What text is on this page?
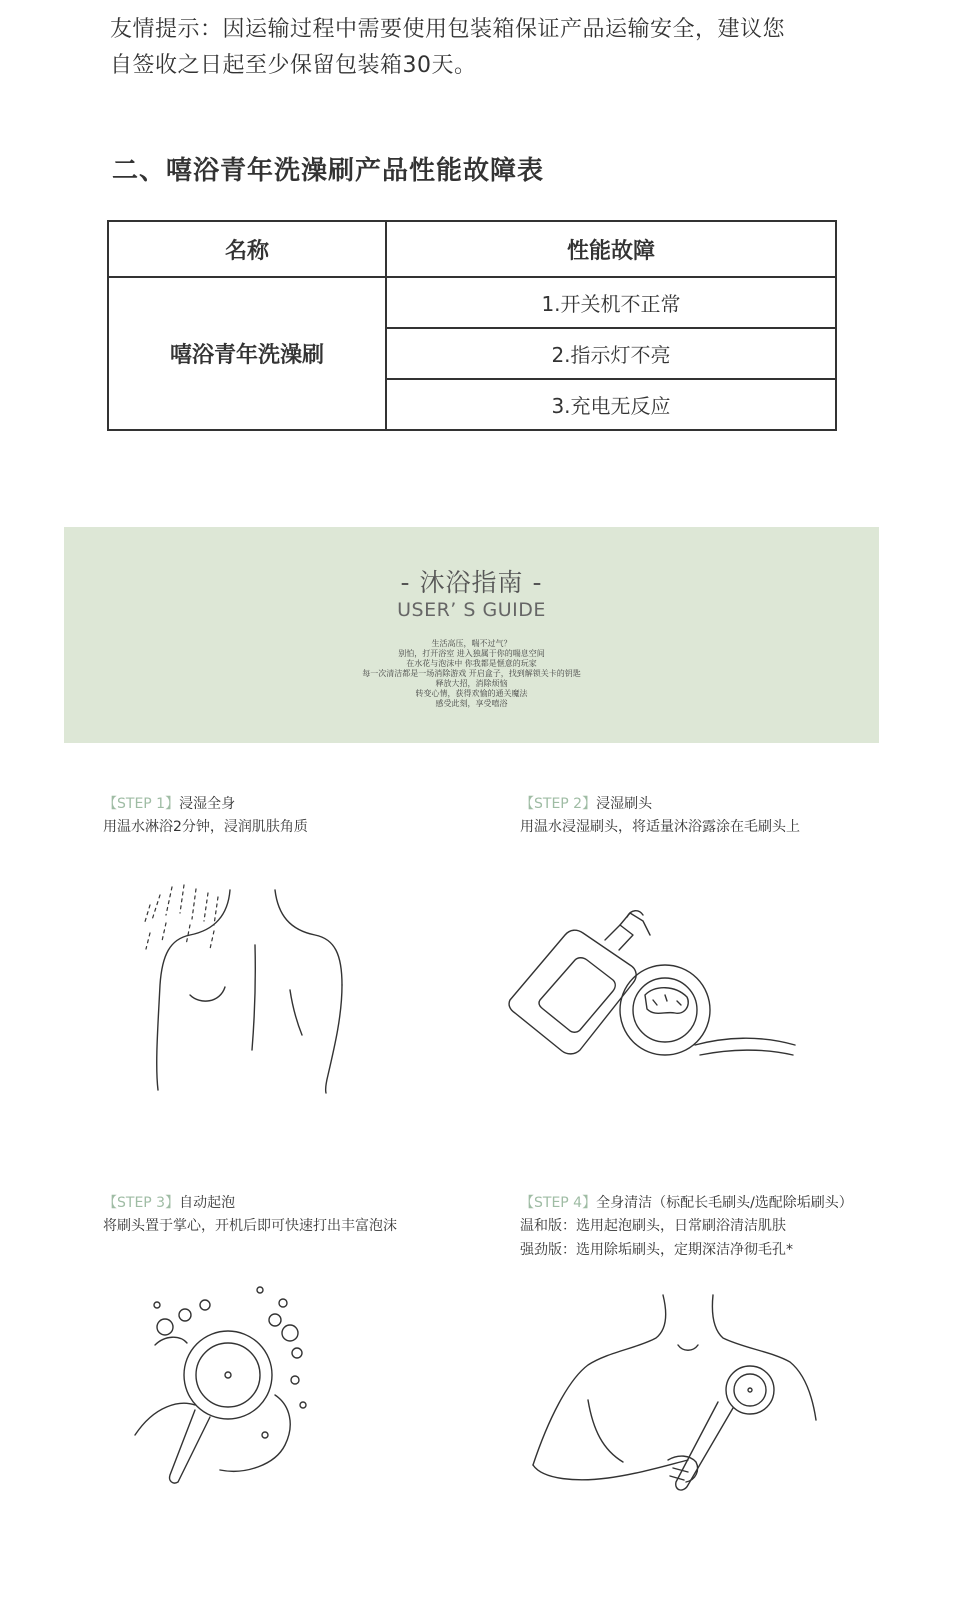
友情提示：因运输过程中需要使用包装箱保证产品运输安全，建议您
自签收之日起至少保留包装箱30天。
二、嘻浴青年洗澡刷产品性能故障表
名称	性能故障
嘻浴青年洗澡刷	1.开关机不正常
	2.指示灯不亮
	3.充电无反应
- 沐浴指南 -
USER’ S GUIDE
生活高压，喘不过气？
别怕，打开浴室 进入独属于你的喘息空间
在水花与泡沫中 你我都是惬意的玩家
每一次清洁都是一场消除游戏 开启盒子，找到解锁关卡的钥匙
释放大招，消除烦恼
转变心情，获得欢愉的通关魔法
感受此刻，享受嘻浴
【STEP 1】浸湿全身
用温水淋浴2分钟，浸润肌肤角质
【STEP 2】浸湿刷头
用温水浸湿刷头，将适量沐浴露涂在毛刷头上
【STEP 3】自动起泡
将刷头置于掌心，开机后即可快速打出丰富泡沫
【STEP 4】全身清洁（标配长毛刷头/选配除垢刷头）
温和版：选用起泡刷头，日常刷浴清洁肌肤
强劲版：选用除垢刷头，定期深洁净彻毛孔*
